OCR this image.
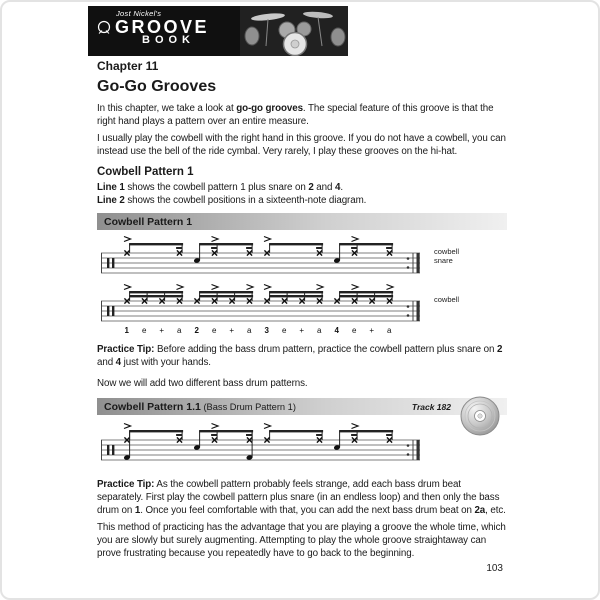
Jost Nickel's
GROOVE
BOOK
Chapter 11
Go-Go Grooves

In this chapter, we take a look at go-go grooves. The special feature of this groove is that the right hand plays a pattern over an entire measure.

I usually play the cowbell with the right hand in this groove. If you do not have a cowbell, you can instead use the bell of the ride cymbal. Very rarely, I play these grooves on the hi-hat.

Cowbell Pattern 1

Line 1 shows the cowbell pattern 1 plus snare on 2 and 4.

Line 2 shows the cowbell positions in a sixteenth-note diagram.

Cowbell Pattern 1
cowbell
snare
cowbell
1	e	+	a	2	e	+	a	3	e	+	a	4	e	+	a

Practice Tip: Before adding the bass drum pattern, practice the cowbell pattern plus snare on 2 and 4 just with your hands.

Now we will add two different bass drum patterns.

Cowbell Pattern 1.1 (Bass Drum Pattern 1)	Track 182

Practice Tip: As the cowbell pattern probably feels strange, add each bass drum beat separately. First play the cowbell pattern plus snare (in an endless loop) and then only the bass drum on 1. Once you feel comfortable with that, you can add the next bass drum beat on 2a, etc.

This method of practicing has the advantage that you are playing a groove the whole time, which you are slowly but surely augmenting. Attempting to play the whole groove straightaway can prove frustrating because you repeatedly have to go back to the beginning.

103
